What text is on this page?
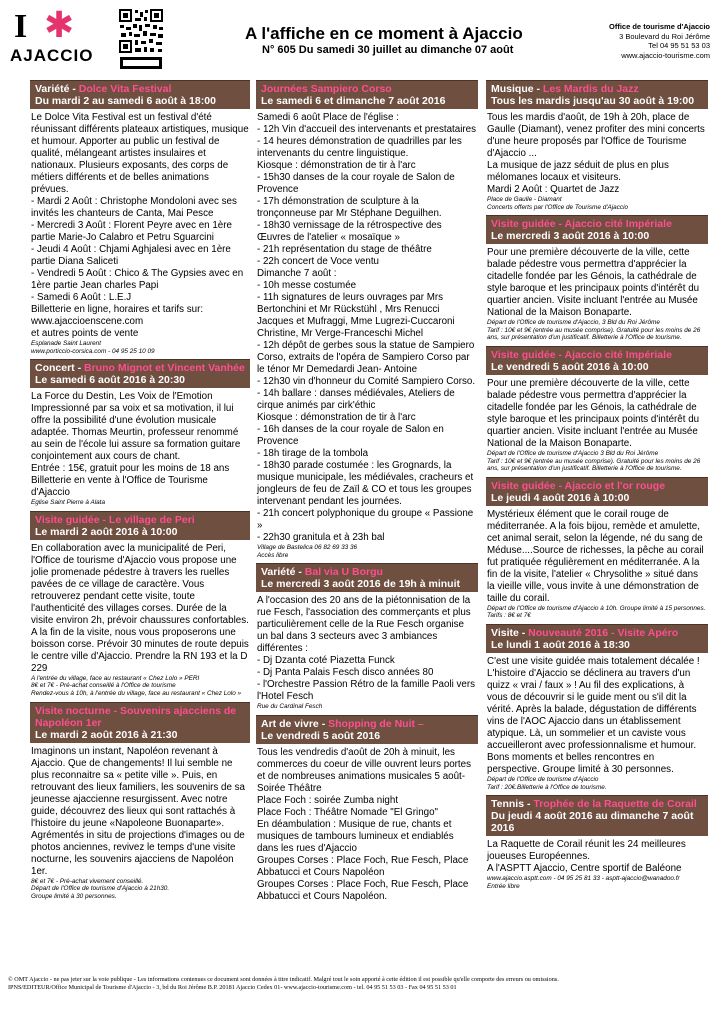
I ✱
AJACCIO
A l'affiche en ce moment à Ajaccio
N° 605 Du samedi 30 juillet au dimanche 07 août
Office de tourisme d'Ajaccio
3 Boulevard du Roi Jérôme
Tel 04 95 51 53 03
www.ajaccio-tourisme.com
Variété - Dolce Vita Festival
Du mardi 2 au samedi 6 août à 18:00

Le Dolce Vita Festival est un festival d'été réunissant différents plateaux artistiques, musique et humour. Apporter au public un festival de qualité, mélangeant artistes insulaires et nationaux. Plusieurs exposants, des corps de métiers différents et de belles animations prévues.

- Mardi 2 Août : Christophe Mondoloni avec ses invités les chanteurs de Canta, Mai Pesce

- Mercredi 3 Août : Florent Peyre avec en 1ère partie Marie-Jo Calabro et Petru Sguarcini

- Jeudi 4 Août : Chjami Aghjalesi avec en 1ère partie Diana Saliceti

- Vendredi 5 Août : Chico & The Gypsies avec en 1ère partie Jean charles Papi

- Samedi 6 Août : L.E.J

Billetterie en ligne, horaires et tarifs sur: www.ajaccioenscene.com

et autres points de vente

Esplanade Saint Laurent

www.porticcio-corsica.com - 04 95 25 10 09

Concert - Bruno Mignot et Vincent Vanhée
Le samedi 6 août 2016 à 20:30

La Force du Destin, Les Voix de l'Emotion Impressionné par sa voix et sa motivation, il lui offre la possibilité d'une évolution musicale adaptée. Thomas Meurtin, professeur renommé au sein de l'école lui assure sa formation guitare conjointement aux cours de chant.

Entrée : 15€, gratuit pour les moins de 18 ans Billetterie en vente à l'Office de Tourisme d'Ajaccio

Eglise Saint Pierre à Alata

Visite guidée - Le village de Peri
Le mardi 2 août 2016 à 10:00

En collaboration avec la municipalité de Peri, l'Office de tourisme d'Ajaccio vous propose une jolie promenade pédestre à travers les ruelles pavées de ce village de caractère. Vous retrouverez pendant cette visite, toute l'authenticité des villages corses. Durée de la visite environ 2h, prévoir chaussures confortables. A la fin de la visite, nous vous proposerons une boisson corse. Prévoir 30 minutes de route depuis le centre ville d'Ajaccio. Prendre la RN 193 et la D 229

A l'entrée du village, face au restaurant « Chez Lolo » PERI

8€ et 7€ - Pré-achat conseillé à l'Office de tourisme

Rendez-vous à 10h, à l'entrée du village, face au restaurant « Chez Lolo »

Visite nocturne - Souvenirs ajacciens de Napoléon 1er
Le mardi 2 août 2016 à 21:30

Imaginons un instant, Napoléon revenant à Ajaccio. Que de changements! Il lui semble ne plus reconnaitre sa « petite ville ». Puis, en retrouvant des lieux familiers, les souvenirs de sa jeunesse ajaccienne resurgissent. Avec notre guide, découvrez des lieux qui sont rattachés à l'histoire du jeune «Napoleone Buonaparte». Agrémentés in situ de projections d'images ou de photos anciennes, revivez le temps d'une visite nocturne, les souvenirs ajacciens de Napoléon 1er.

8€ et 7€ - Pré-achat vivement conseillé.

Départ de l'Office de tourisme d'Ajaccio à 21h30.

Groupe limité à 30 personnes.

Journées Sampiero Corso
Le samedi 6 et dimanche 7 août 2016

Samedi 6 août Place de l'église :

- 12h Vin d'accueil des intervenants et prestataires

- 14 heures démonstration de quadrilles par les intervenants du centre linguistique.

Kiosque : démonstration de tir à l'arc

- 15h30 danses de la cour royale de Salon de Provence

- 17h démonstration de sculpture à la tronçonneuse par Mr Stéphane Deguilhen.

- 18h30 vernissage de la rétrospective des Œuvres de l'atelier « mosaïque »

- 21h représentation du stage de théâtre

- 22h concert de Voce ventu

Dimanche 7 août :

- 10h messe costumée

- 11h signatures de leurs ouvrages par Mrs Bertonchini et Mr Rückstühl , Mrs Renucci Jacques et Mufraggi, Mme Lugrezi-Cuccaroni Christine, Mr Verge-Franceschi Michel

- 12h dépôt de gerbes sous la statue de Sampiero Corso, extraits de l'opéra de Sampiero Corso par le ténor Mr Demedardi Jean- Antoine

- 12h30 vin d'honneur du Comité Sampiero Corso.

- 14h ballare : danses médiévales, Ateliers de cirque animés par cirk'éthic

Kiosque : démonstration de tir à l'arc

- 16h danses de la cour royale de Salon en Provence

- 18h tirage de la tombola

- 18h30 parade costumée : les Grognards, la musique municipale, les médiévales, cracheurs et jongleurs de feu de Zaïl & CO et tous les groupes intervenant pendant les journées.

- 21h concert polyphonique du groupe « Passione »

- 22h30 granitula et à 23h bal

Village de Bastelica 06 82 69 33 36

Accès libre

Variété - Bal via U Borgu
Le mercredi 3 août 2016 de 19h à minuit

A l'occasion des 20 ans de la piétonnisation de la rue Fesch, l'association des commerçants et plus particulièrement celle de la Rue Fesch organise un bal dans 3 secteurs avec 3 ambiances différentes :

- Dj Dzanta coté Piazetta Funck

- Dj Panta Palais Fesch disco années 80

- l'Orchestre Passion Rétro de la famille Paoli vers l'Hotel Fesch

Rue du Cardinal Fesch

Art de vivre - Shopping de Nuit –
Le vendredi 5 août 2016

Tous les vendredis d'août de 20h à minuit, les commerces du coeur de ville ouvrent leurs portes et de nombreuses animations musicales 5 août- Soirée Théâtre

Place Foch : soirée Zumba night

Place Foch : Théâtre Nomade "El Gringo"

En déambulation : Musique de rue, chants et musiques de tambours lumineux et endiablés dans les rues d'Ajaccio

Groupes Corses : Place Foch, Rue Fesch, Place Abbatucci et Cours Napoléon

Groupes Corses : Place Foch, Rue Fesch, Place Abbatucci et Cours Napoléon.

Musique - Les Mardis du Jazz
Tous les mardis jusqu'au 30 août à 19:00

Tous les mardis d'août, de 19h à 20h, place de Gaulle (Diamant), venez profiter des mini concerts d'une heure proposés par l'Office de Tourisme d'Ajaccio ...

La musique de jazz séduit de plus en plus mélomanes locaux et visiteurs.

Mardi 2 Août : Quartet de Jazz

Place de Gaulle - Diamant

Concerts offerts par l'Office de Tourisme d'Ajaccio

Visite guidée - Ajaccio cité Impériale
Le mercredi 3 août 2016 à 10:00

Pour une première découverte de la ville, cette balade pédestre vous permettra d'apprécier la citadelle fondée par les Génois, la cathédrale de style baroque et les principaux points d'intérêt du quartier ancien. Visite incluant l'entrée au Musée National de la Maison Bonaparte.

Départ de l'Office de tourisme d'Ajaccio, 3 Bld du Roi Jérôme

Tarif : 10€ et 9€ (entrée au musée comprise). Gratuité pour les moins de 26 ans, sur présentation d'un justificatif. Billetterie à l'Office de tourisme.

Visite guidée - Ajaccio cité Impériale
Le vendredi 5 août 2016 à 10:00

Pour une première découverte de la ville, cette balade pédestre vous permettra d'apprécier la citadelle fondée par les Génois, la cathédrale de style baroque et les principaux points d'intérêt du quartier ancien. Visite incluant l'entrée au Musée National de la Maison Bonaparte.

Départ de l'Office de tourisme d'Ajaccio 3 Bld du Roi Jérôme

Tarif : 10€ et 9€ (entrée au musée comprise). Gratuité pour les moins de 26 ans, sur présentation d'un justificatif. Billetterie à l'Office de tourisme.

Visite guidée - Ajaccio et l'or rouge
Le jeudi 4 août 2016 à 10:00

Mystérieux élément que le corail rouge de méditerranée. A la fois bijou, remède et amulette, cet animal serait, selon la légende, né du sang de Méduse....Source de richesses, la pêche au corail fut pratiquée régulièrement en méditerranée. A la fin de la visite, l'atelier « Chrysolithe » situé dans la vieille ville, vous invite à une démonstration de taille du corail.

Départ de l'Office de tourisme d'Ajaccio à 10h. Groupe limité à 15 personnes. Tarifs : 8€ et 7€

Visite - Nouveauté 2016 - Visite Apéro
Le lundi 1 août 2016 à 18:30

C'est une visite guidée mais totalement décalée ! L'histoire d'Ajaccio se déclinera au travers d'un quizz « vrai / faux » ! Au fil des explications, à vous de découvrir si le guide ment ou s'il dit la vérité. Après la balade, dégustation de différents vins de l'AOC Ajaccio dans un établissement atypique. Là, un sommelier et un caviste vous accueilleront avec professionnalisme et humour.

Bons moments et belles rencontres en perspective. Groupe limité à 30 personnes.

Départ de l'Office de tourisme d'Ajaccio

Tarif : 20€.Billetterie à l'Office de tourisme.

Tennis - Trophée de la Raquette de Corail
Du jeudi 4 août 2016 au dimanche 7 août 2016

La Raquette de Corail réunit les 24 meilleures joueuses Européennes.

A l'ASPTT Ajaccio, Centre sportif de Baléone

www.ajaccio.asptt.com - 04 95 25 81 33 - asptt-ajaccio@wanadoo.fr

Entrée libre

© OMT Ajaccio - ne pas jeter sur la voie publique - Les informations contenues ce document sont données à titre indicatif. Malgré tout le soin apporté à cette édition il est possible qu'elle comporte des erreurs ou omissions.
IPNS/EDITEUR/Office Municipal de Tourisme d'Ajaccio - 3, bd du Roi Jérôme B.P. 20181 Ajaccio Cedex 01- www.ajaccio-tourisme.com - tel. 04 95 51 53 03 - Fax 04 95 51 53 01
